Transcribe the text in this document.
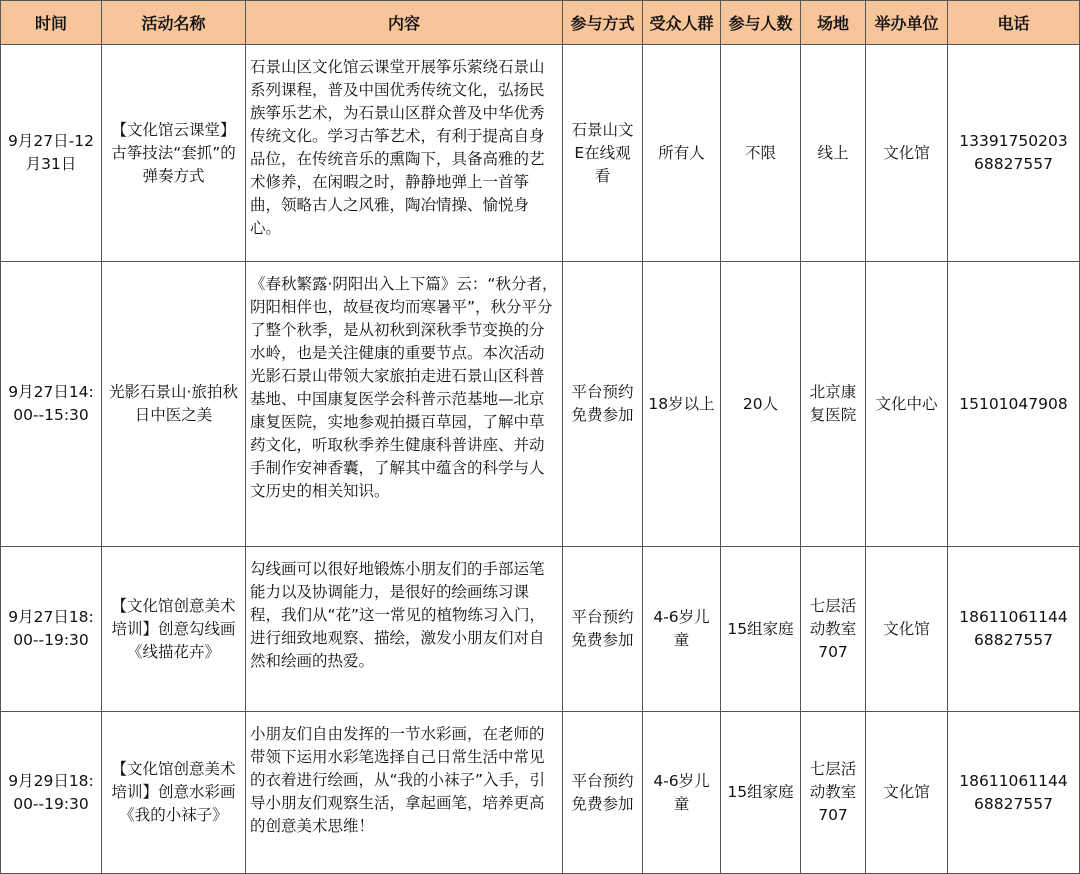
时间	活动名称	内容	参与方式	受众人群	参与人数	场地	举办单位	电话
9月27日-12月31日	【文化馆云课堂】古筝技法“套抓”的弹奏方式	石景山区文化馆云课堂开展筝乐萦绕石景山系列课程，普及中国优秀传统文化，弘扬民族筝乐艺术，为石景山区群众普及中华优秀传统文化。学习古筝艺术，有利于提高自身品位，在传统音乐的熏陶下，具备高雅的艺术修养，在闲暇之时，静静地弹上一首筝曲，领略古人之风雅，陶冶情操、愉悦身心。	石景山文E在线观看	所有人	不限	线上	文化馆	13391750203
68827557

9月27日14:00--15:30	光影石景山·旅拍秋日中医之美	《春秋繁露·阴阳出入上下篇》云：“秋分者，阴阳相伴也，故昼夜均而寒暑平”，秋分平分了整个秋季，是从初秋到深秋季节变换的分水岭，也是关注健康的重要节点。本次活动光影石景山带领大家旅拍走进石景山区科普基地、中国康复医学会科普示范基地—北京康复医院，实地参观拍摄百草园，了解中草药文化，听取秋季养生健康科普讲座、并动手制作安神香囊，了解其中蕴含的科学与人文历史的相关知识。	平台预约免费参加	18岁以上	20人	北京康复医院	文化中心	15101047908

9月27日18:00--19:30	【文化馆创意美术培训】创意勾线画《线描花卉》	勾线画可以很好地锻炼小朋友们的手部运笔能力以及协调能力，是很好的绘画练习课程，我们从“花”这一常见的植物练习入门，进行细致地观察、描绘，激发小朋友们对自然和绘画的热爱。	平台预约免费参加	4-6岁儿童	15组家庭	七层活动教室707	文化馆	18611061144
68827557

9月29日18:00--19:30	【文化馆创意美术培训】创意水彩画《我的小袜子》	小朋友们自由发挥的一节水彩画，在老师的带领下运用水彩笔选择自己日常生活中常见的衣着进行绘画，从“我的小袜子”入手，引导小朋友们观察生活，拿起画笔，培养更高的创意美术思维！	平台预约免费参加	4-6岁儿童	15组家庭	七层活动教室707	文化馆	18611061144
68827557
